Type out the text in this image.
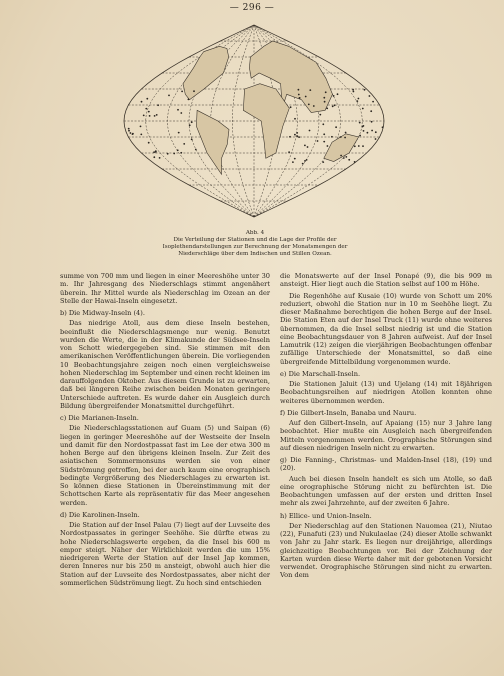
— 296 —
Abb. 4
Die Verteilung der Stationen und die Lage der Profile der Isoplethendarstellungen zur Berechnung der Monatsmengen der Niederschläge über dem Indischen und Stillen Ozean.

summe von 700 mm und liegen in einer Meereshöhe unter 30 m. Ihr Jahresgang des Niederschlags stimmt angenähert überein. Ihr Mittel wurde als Niederschlag im Ozean an der Stelle der Hawai-Inseln eingesetzt.

b) Die Midway-Inseln (4).

Das niedrige Atoll, aus dem diese Inseln bestehen, beeinflußt die Niederschlagsmenge nur wenig. Benutzt wurden die Werte, die in der Klimakunde der Südsee-Inseln von Schott wiedergegeben sind. Sie stimmen mit den amerikanischen Veröffentlichungen überein. Die vorliegenden 10 Beobachtungsjahre zeigen noch einen vergleichsweise hohen Niederschlag im September und einen recht kleinen im darauffolgenden Oktober. Aus diesem Grunde ist zu erwarten, daß bei längeren Reihe zwischen beiden Monaten geringere Unterschiede auftreten. Es wurde daher ein Ausgleich durch Bildung übergreifender Monatsmittel durchgeführt.

c) Die Marianen-Inseln.

Die Niederschlagsstationen auf Guam (5) und Saipan (6) liegen in geringer Meereshöhe auf der Westseite der Inseln und damit für den Nordostpassat fast im Lee der etwa 300 m hohen Berge auf den übrigens kleinen Inseln. Zur Zeit des asiatischen Sommermonsuns werden sie von einer Südströmung getroffen, bei der auch kaum eine orographisch bedingte Vergrößerung des Niederschlages zu erwarten ist. So können diese Stationen in Übereinstimmung mit der Schottschen Karte als repräsentativ für das Meer angesehen werden.

d) Die Karolinen-Inseln.

Die Station auf der Insel Palau (7) liegt auf der Luvseite des Nordostpassates in geringer Seehöhe. Sie dürfte etwas zu hohe Niederschlagswerte ergeben, da die Insel bis 600 m empor steigt. Näher der Wirklichkeit werden die um 15% niedrigeren Werte der Station auf der Insel Jap kommen, deren Inneres nur bis 250 m ansteigt, obwohl auch hier die Station auf der Luvseite des Nordostpassates, aber nicht der sommerlichen Südströmung liegt. Zu hoch sind entschieden

die Monatswerte auf der Insel Ponapé (9), die bis 909 m ansteigt. Hier liegt auch die Station selbst auf 100 m Höhe.

Die Regenhöhe auf Kusaie (10) wurde von Schott um 20% reduziert, obwohl die Station nur in 10 m Seehöhe liegt. Zu dieser Maßnahme berechtigen die hohen Berge auf der Insel. Die Station Eten auf der Insel Truck (11) wurde ohne weiteres übernommen, da die Insel selbst niedrig ist und die Station eine Beobachtungsdauer von 8 Jahren aufweist. Auf der Insel Lamutrik (12) zeigen die vierjährigen Beobachtungen offenbar zufällige Unterschiede der Monatsmittel, so daß eine übergreifende Mittelbildung vorgenommen wurde.

e) Die Marschall-Inseln.

Die Stationen Jaluit (13) und Ujelang (14) mit 18jährigen Beobachtungsreihen auf niedrigen Atollen konnten ohne weiteres übernommen werden.

f) Die Gilbert-Inseln, Banaba und Nauru.

Auf den Gilbert-Inseln, auf Apaiang (15) nur 3 Jahre lang beobachtet. Hier mußte ein Ausgleich nach übergreifenden Mitteln vorgenommen werden. Orographische Störungen sind auf diesen niedrigen Inseln nicht zu erwarten.

g) Die Fanning-, Christmas- und Malden-Insel (18), (19) und (20).

Auch bei diesen Inseln handelt es sich um Atolle, so daß eine orographische Störung nicht zu befürchten ist. Die Beobachtungen umfassen auf der ersten und dritten Insel mehr als zwei Jahrzehnte, auf der zweiten 6 Jahre.

h) Ellice- und Union-Inseln.

Der Niederschlag auf den Stationen Nauomea (21), Niutao (22), Funafuti (23) und Nukulaelae (24) dieser Atolle schwankt von Jahr zu Jahr stark. Es liegen nur dreijährige, allerdings gleichzeitige Beobachtungen vor. Bei der Zeichnung der Karten wurden diese Werte daher mit der gebotenen Vorsicht verwendet. Orographische Störungen sind nicht zu erwarten. Von dem
